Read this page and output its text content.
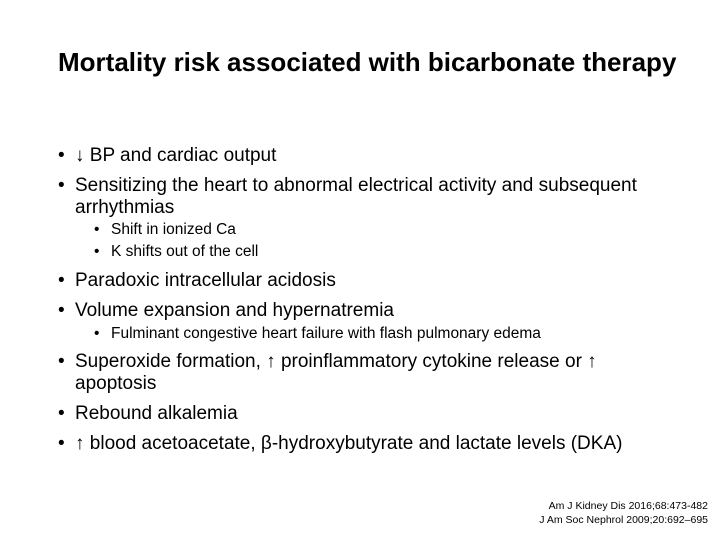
Mortality risk associated with bicarbonate therapy
• ↓ BP and cardiac output
• Sensitizing the heart to abnormal electrical activity and subsequent arrhythmias
• Shift in ionized Ca
• K shifts out of the cell
• Paradoxic intracellular acidosis
• Volume expansion and hypernatremia
• Fulminant congestive heart failure with flash pulmonary edema
• Superoxide formation, ↑ proinflammatory cytokine release or ↑ apoptosis
• Rebound alkalemia
• ↑ blood acetoacetate, β-hydroxybutyrate and lactate levels (DKA)
Am J Kidney Dis 2016;68:473-482
J Am Soc Nephrol 2009;20:692–695
